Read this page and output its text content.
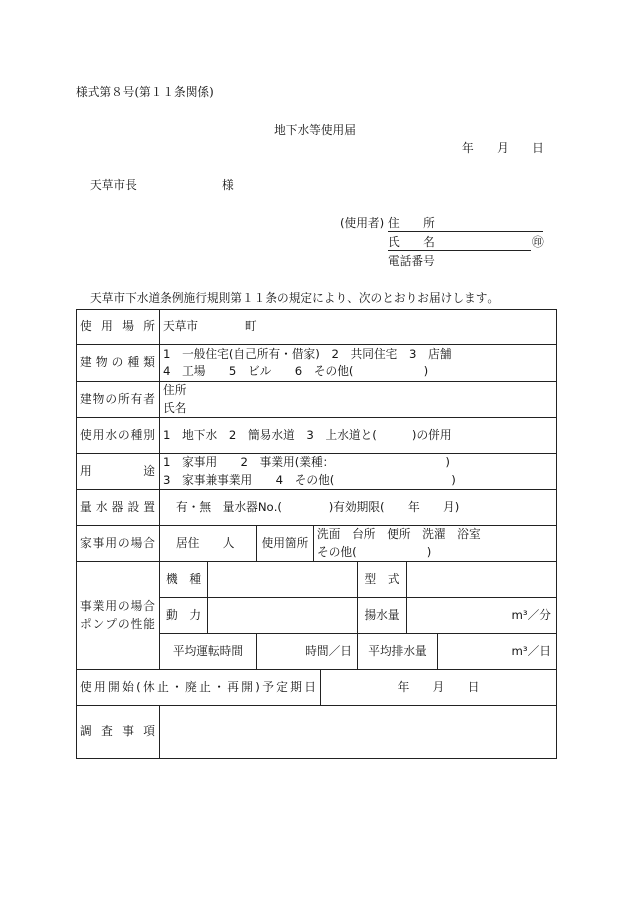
様式第８号(第１１条関係)
地下水等使用届
年　　月　　日
天草市長	様
(使用者) 住　　所
氏　　名	㊞
電話番号
天草市下水道条例施行規則第１１条の規定により、次のとおりお届けします。
使 用 場 所 天草市　　　　町
建 物 の 種 類
1　一般住宅(自己所有・借家)　2　共同住宅　3　店舗
4　工場　　5　ビル　　6　その他(　　　　　　)
建物の所有者
住所
氏名
使用水の種別 1　地下水　2　簡易水道　3　上水道と(　　　)の併用
用　　途
1　家事用　　2　事業用(業種：　　　　　　　　　　)
3　家事兼事業用　　4　その他(　　　　　　　　　　)
量 水 器 設 置 有・無　量水器No.(　　　　)有効期限(　　年　　月)
家事用の場合 居住　　人	使用箇所
洗面　台所　便所　洗濯　浴室
その他(　　　　　　)
事業用の場合
ポンプの性能
機　種	型　式
動　力	揚水量	m³／分
平均運転時間	時間／日 平均排水量	m³／日
使用開始(休止・廃止・再開)予定期日	年　　月　　日
調 査 事 項
